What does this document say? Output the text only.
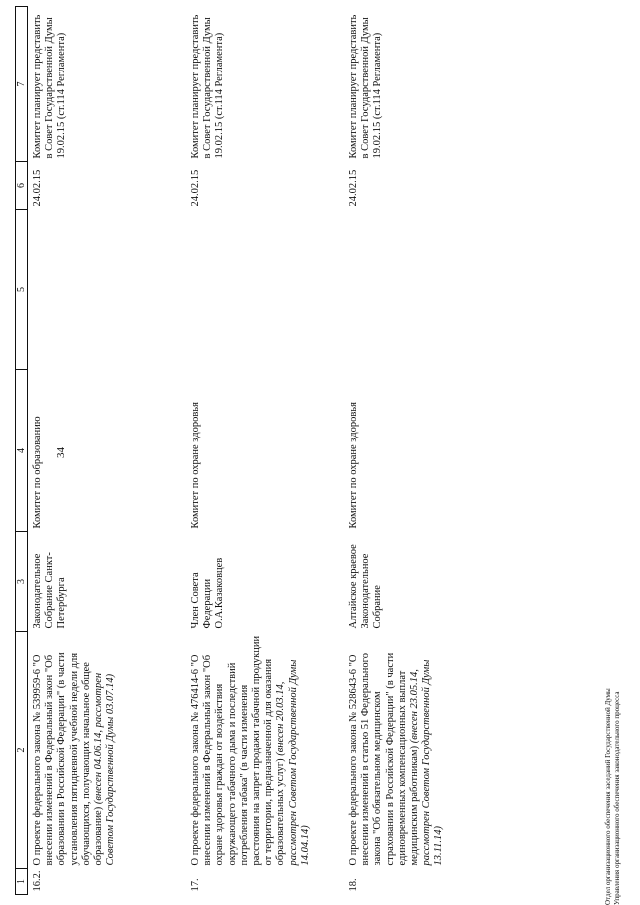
34
1	2	3	4	5	6	7
16.2.	О проекте федерального закона № 539959-6 "О внесении изменений в Федеральный закон "Об образовании в Российской Федерации" (в части установления пятидневной учебной недели для обучающихся, получающих начальное общее образование) (внесен 04.06.14, рассмотрен Советом Государственной Думы 03.07.14)	Законодательное Собрание Санкт-Петербурга	Комитет по образованию		24.02.15	Комитет планирует представить в Совет Государственной Думы 19.02.15 (ст.114 Регламента)
17.	О проекте федерального закона № 476414-6 "О внесении изменений в Федеральный закон "Об охране здоровья граждан от воздействия окружающего табачного дыма и последствий потребления табака" (в части изменения расстояния на запрет продажи табачной продукции от территории, предназначенной для оказания образовательных услуг) (внесен 20.03.14, рассмотрен Советом Государственной Думы 14.04.14)	Член Совета Федерации О.А.Казаковцев	Комитет по охране здоровья		24.02.15	Комитет планирует представить в Совет Государственной Думы 19.02.15 (ст.114 Регламента)
18.	О проекте федерального закона № 528643-6 "О внесении изменений в статью 51 Федерального закона "Об обязательном медицинском страховании в Российской Федерации" (в части единовременных компенсационных выплат медицинским работникам) (внесен 23.05.14, рассмотрен Советом Государственной Думы 13.11.14)	Алтайское краевое Законодательное Собрание	Комитет по охране здоровья		24.02.15	Комитет планирует представить в Совет Государственной Думы 19.02.15 (ст.114 Регламента)
Отдел организационного обеспечения заседаний Государственной Думы Управления организационного обеспечения законодательного процесса
